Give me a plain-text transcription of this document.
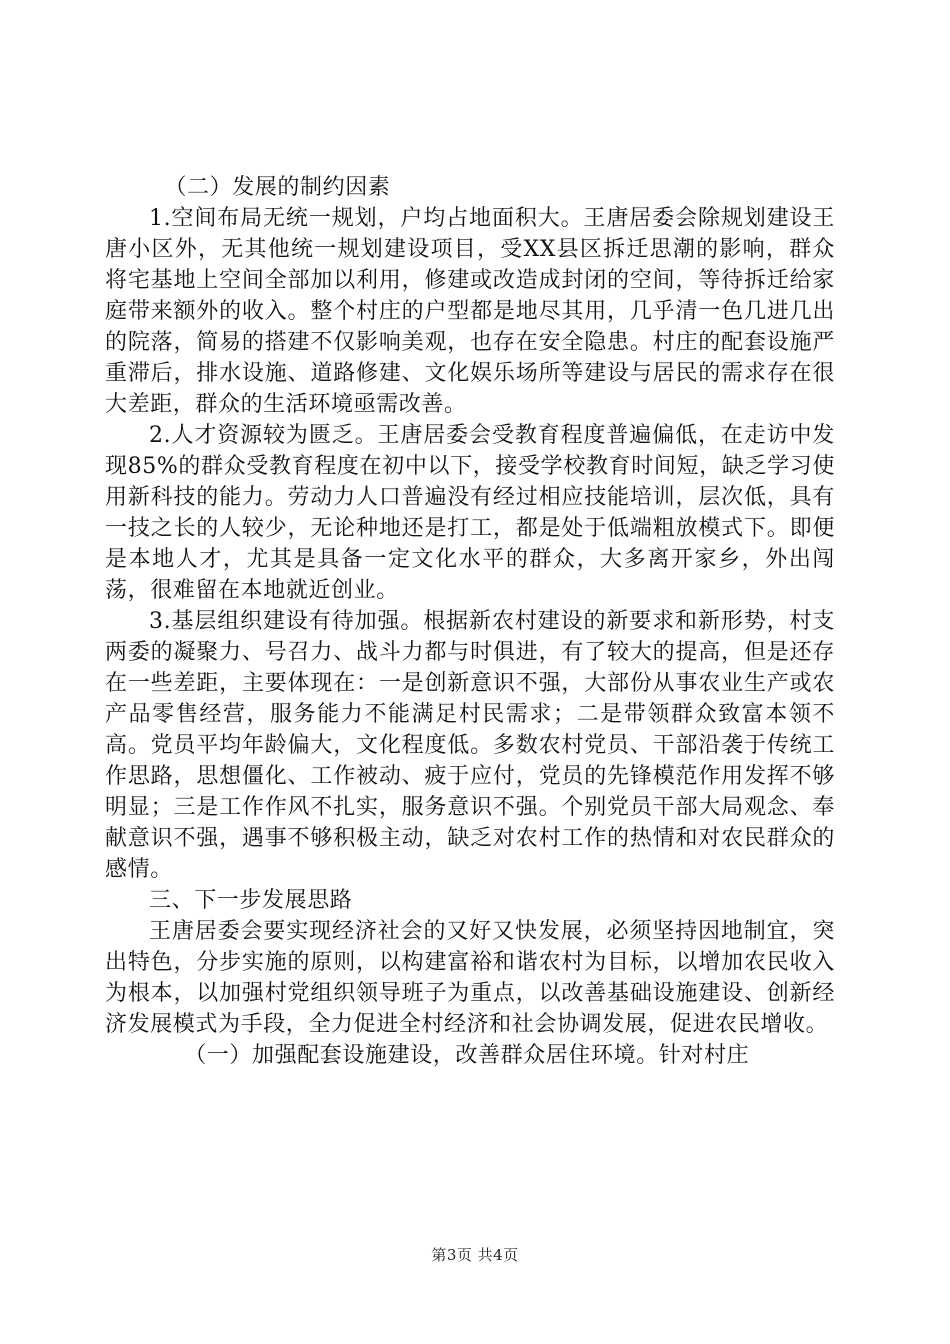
（二）发展的制约因素

1.空间布局无统一规划，户均占地面积大。王唐居委会除规划建设王唐小区外，无其他统一规划建设项目，受XX县区拆迁思潮的影响，群众将宅基地上空间全部加以利用，修建或改造成封闭的空间，等待拆迁给家庭带来额外的收入。整个村庄的户型都是地尽其用，几乎清一色几进几出的院落，简易的搭建不仅影响美观，也存在安全隐患。村庄的配套设施严重滞后，排水设施、道路修建、文化娱乐场所等建设与居民的需求存在很大差距，群众的生活环境亟需改善。

2.人才资源较为匮乏。王唐居委会受教育程度普遍偏低，在走访中发现85%的群众受教育程度在初中以下，接受学校教育时间短，缺乏学习使用新科技的能力。劳动力人口普遍没有经过相应技能培训，层次低，具有一技之长的人较少，无论种地还是打工，都是处于低端粗放模式下。即便是本地人才，尤其是具备一定文化水平的群众，大多离开家乡，外出闯荡，很难留在本地就近创业。

3.基层组织建设有待加强。根据新农村建设的新要求和新形势，村支两委的凝聚力、号召力、战斗力都与时俱进，有了较大的提高，但是还存在一些差距，主要体现在：一是创新意识不强，大部份从事农业生产或农产品零售经营，服务能力不能满足村民需求；二是带领群众致富本领不高。党员平均年龄偏大，文化程度低。多数农村党员、干部沿袭于传统工作思路，思想僵化、工作被动、疲于应付，党员的先锋模范作用发挥不够明显；三是工作作风不扎实，服务意识不强。个别党员干部大局观念、奉献意识不强，遇事不够积极主动，缺乏对农村工作的热情和对农民群众的感情。

三、下一步发展思路

王唐居委会要实现经济社会的又好又快发展，必须坚持因地制宜，突出特色，分步实施的原则，以构建富裕和谐农村为目标，以增加农民收入为根本，以加强村党组织领导班子为重点，以改善基础设施建设、创新经济发展模式为手段，全力促进全村经济和社会协调发展，促进农民增收。

（一）加强配套设施建设，改善群众居住环境。针对村庄

第3页 共4页
